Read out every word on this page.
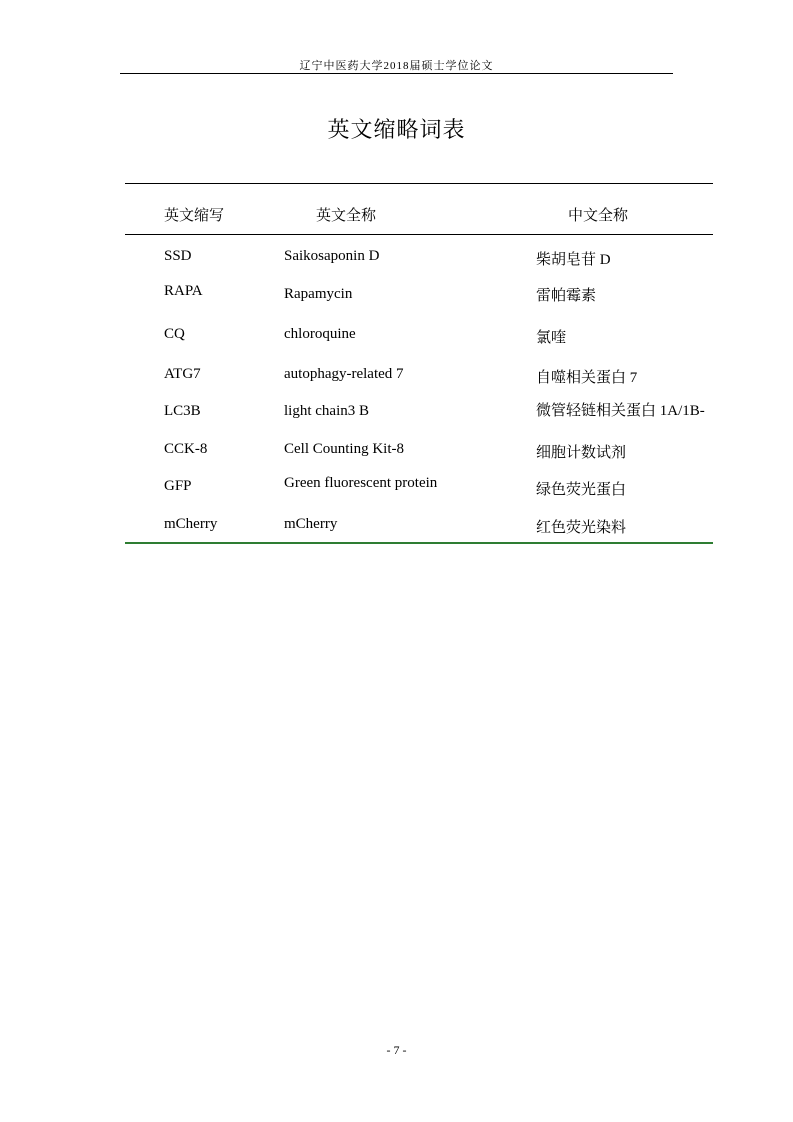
辽宁中医药大学2018届硕士学位论文
英文缩略词表
英文缩写	英文全称	中文全称
SSD	Saikosaponin D	柴胡皂苷 D
RAPA	Rapamycin	雷帕霉素
CQ	chloroquine	氯喹
ATG7	autophagy-related 7	自噬相关蛋白 7
LC3B	light chain3 B	微管轻链相关蛋白 1A/1B-
CCK-8	Cell Counting Kit-8	细胞计数试剂
GFP	Green fluorescent protein	绿色荧光蛋白
mCherry	mCherry	红色荧光染料
- 7 -
